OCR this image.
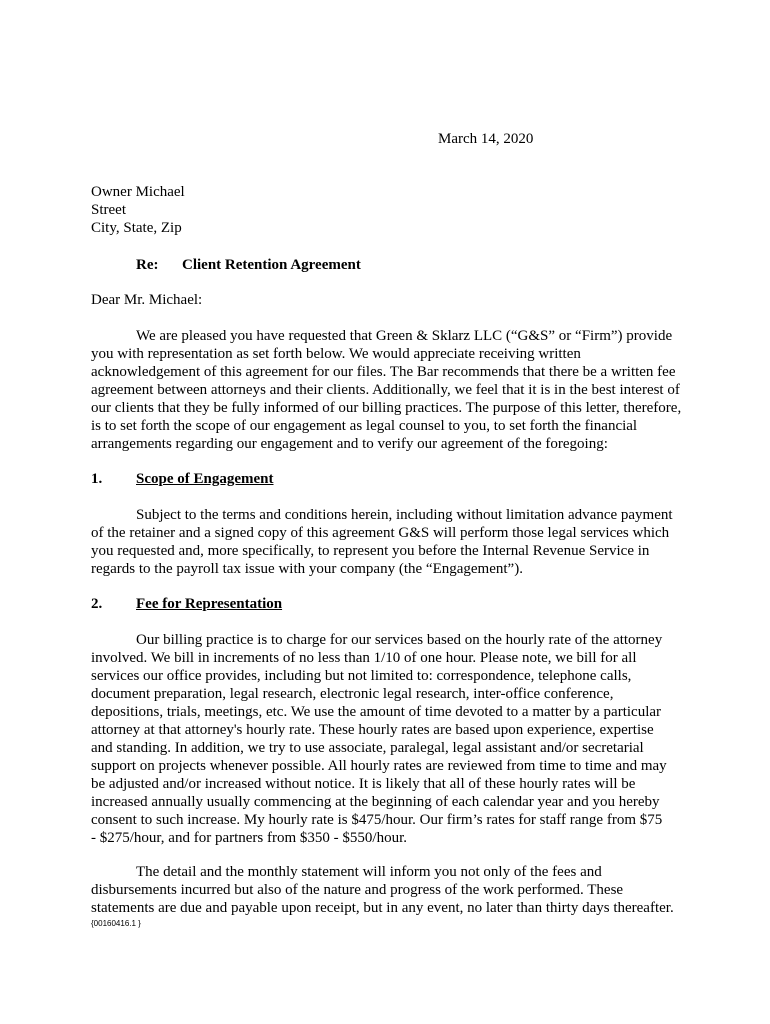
March 14, 2020
Owner Michael
Street
City, State, Zip
Re: Client Retention Agreement
Dear Mr. Michael:
We are pleased you have requested that Green & Sklarz LLC (“G&S” or “Firm”) provide
you with representation as set forth below. We would appreciate receiving written
acknowledgement of this agreement for our files. The Bar recommends that there be a written fee
agreement between attorneys and their clients. Additionally, we feel that it is in the best interest of
our clients that they be fully informed of our billing practices. The purpose of this letter, therefore,
is to set forth the scope of our engagement as legal counsel to you, to set forth the financial
arrangements regarding our engagement and to verify our agreement of the foregoing:
1. Scope of Engagement
Subject to the terms and conditions herein, including without limitation advance payment
of the retainer and a signed copy of this agreement G&S will perform those legal services which
you requested and, more specifically, to represent you before the Internal Revenue Service in
regards to the payroll tax issue with your company (the “Engagement”).
2. Fee for Representation
Our billing practice is to charge for our services based on the hourly rate of the attorney
involved. We bill in increments of no less than 1/10 of one hour. Please note, we bill for all
services our office provides, including but not limited to: correspondence, telephone calls,
document preparation, legal research, electronic legal research, inter-office conference,
depositions, trials, meetings, etc. We use the amount of time devoted to a matter by a particular
attorney at that attorney's hourly rate. These hourly rates are based upon experience, expertise
and standing. In addition, we try to use associate, paralegal, legal assistant and/or secretarial
support on projects whenever possible. All hourly rates are reviewed from time to time and may
be adjusted and/or increased without notice. It is likely that all of these hourly rates will be
increased annually usually commencing at the beginning of each calendar year and you hereby
consent to such increase. My hourly rate is $475/hour. Our firm’s rates for staff range from $75
- $275/hour, and for partners from $350 - $550/hour.
The detail and the monthly statement will inform you not only of the fees and
disbursements incurred but also of the nature and progress of the work performed. These
statements are due and payable upon receipt, but in any event, no later than thirty days thereafter.
{00160416.1 }
